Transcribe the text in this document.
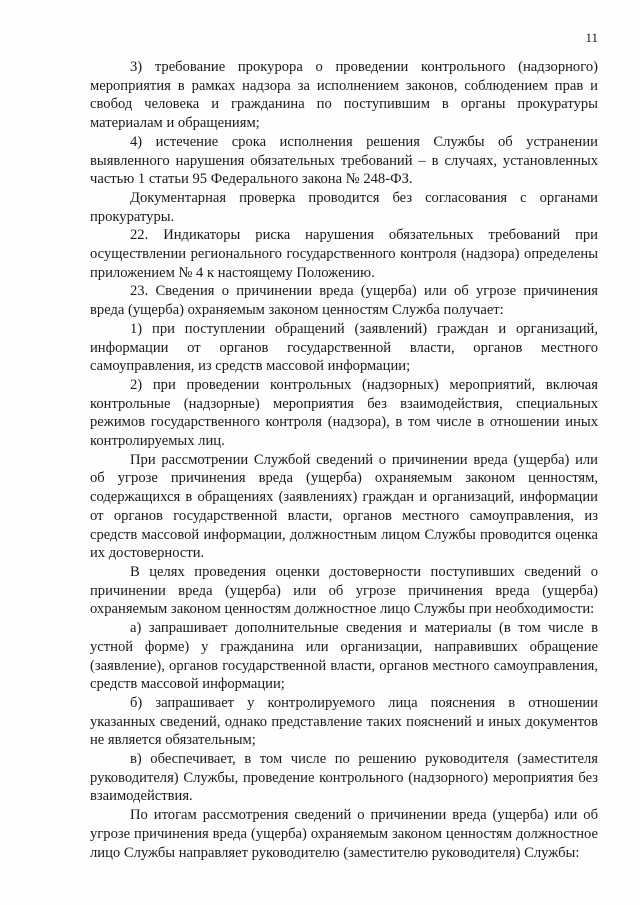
11

3) требование прокурора о проведении контрольного (надзорного) мероприятия в рамках надзора за исполнением законов, соблюдением прав и свобод человека и гражданина по поступившим в органы прокуратуры материалам и обращениям;

4) истечение срока исполнения решения Службы об устранении выявленного нарушения обязательных требований – в случаях, установленных частью 1 статьи 95 Федерального закона № 248-ФЗ.

Документарная проверка проводится без согласования с органами прокуратуры.

22. Индикаторы риска нарушения обязательных требований при осуществлении регионального государственного контроля (надзора) определены приложением № 4 к настоящему Положению.

23. Сведения о причинении вреда (ущерба) или об угрозе причинения вреда (ущерба) охраняемым законом ценностям Служба получает:

1) при поступлении обращений (заявлений) граждан и организаций, информации от органов государственной власти, органов местного самоуправления, из средств массовой информации;

2) при проведении контрольных (надзорных) мероприятий, включая контрольные (надзорные) мероприятия без взаимодействия, специальных режимов государственного контроля (надзора), в том числе в отношении иных контролируемых лиц.

При рассмотрении Службой сведений о причинении вреда (ущерба) или об угрозе причинения вреда (ущерба) охраняемым законом ценностям, содержащихся в обращениях (заявлениях) граждан и организаций, информации от органов государственной власти, органов местного самоуправления, из средств массовой информации, должностным лицом Службы проводится оценка их достоверности.

В целях проведения оценки достоверности поступивших сведений о причинении вреда (ущерба) или об угрозе причинения вреда (ущерба) охраняемым законом ценностям должностное лицо Службы при необходимости:

а) запрашивает дополнительные сведения и материалы (в том числе в устной форме) у гражданина или организации, направивших обращение (заявление), органов государственной власти, органов местного самоуправления, средств массовой информации;

б) запрашивает у контролируемого лица пояснения в отношении указанных сведений, однако представление таких пояснений и иных документов не является обязательным;

в) обеспечивает, в том числе по решению руководителя (заместителя руководителя) Службы, проведение контрольного (надзорного) мероприятия без взаимодействия.

По итогам рассмотрения сведений о причинении вреда (ущерба) или об угрозе причинения вреда (ущерба) охраняемым законом ценностям должностное лицо Службы направляет руководителю (заместителю руководителя) Службы:
